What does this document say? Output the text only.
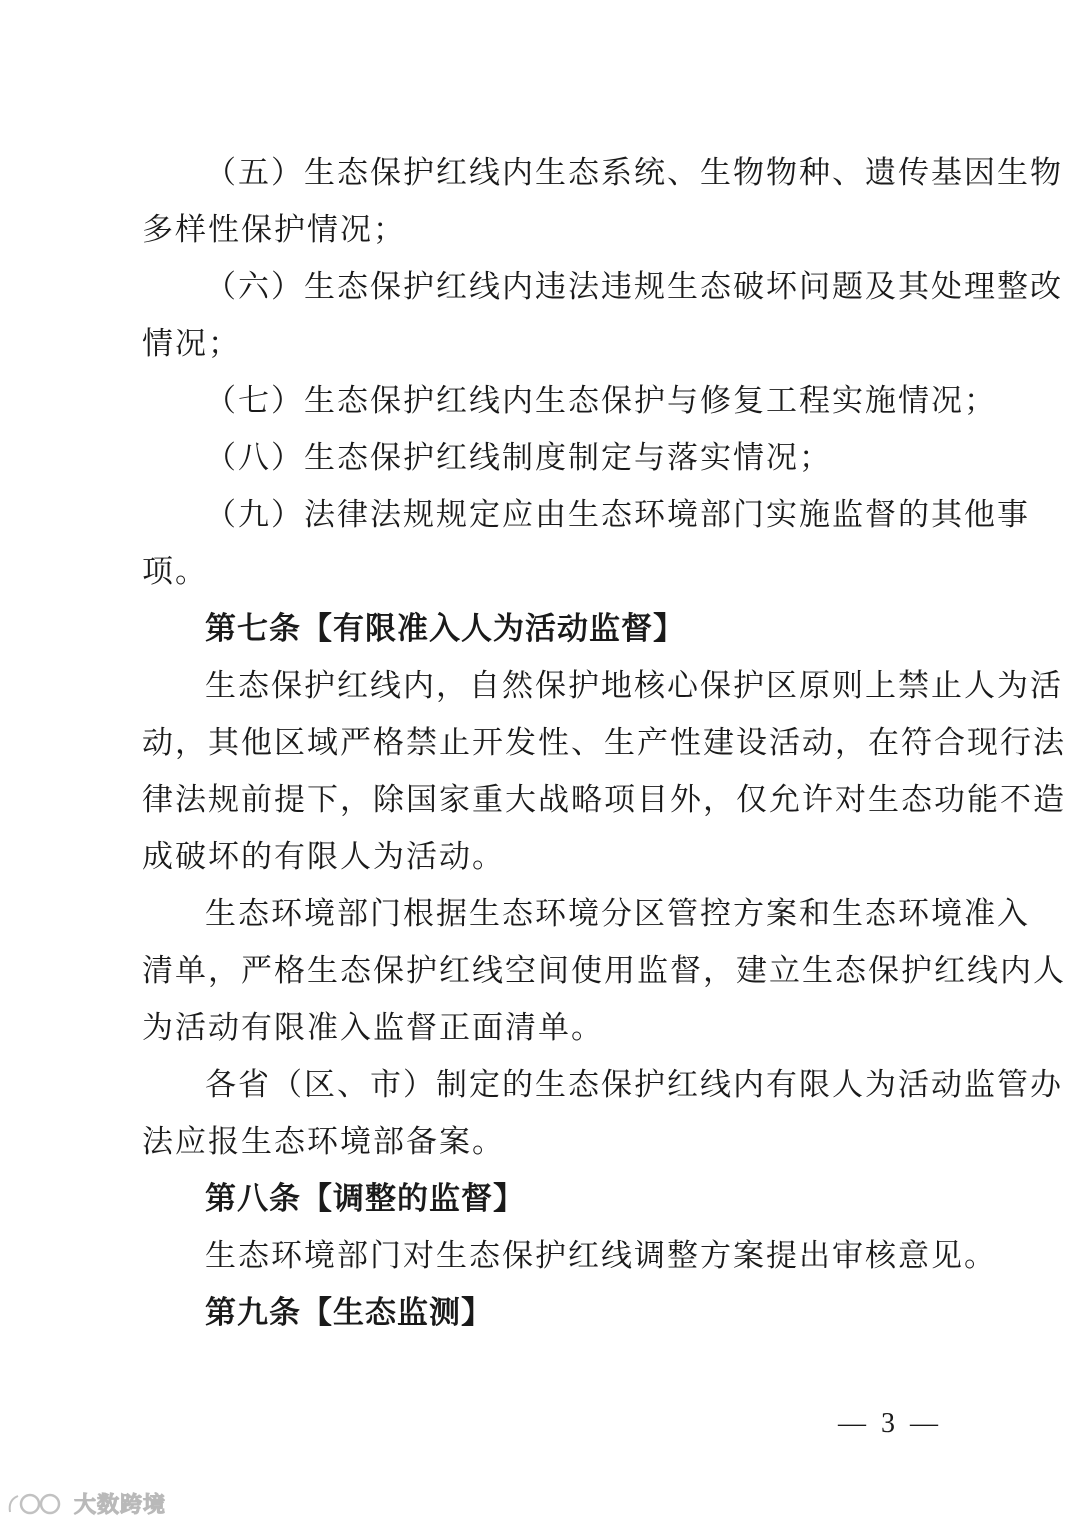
（五）生态保护红线内生态系统、生物物种、遗传基因生物
多样性保护情况；
（六）生态保护红线内违法违规生态破坏问题及其处理整改
情况；
（七）生态保护红线内生态保护与修复工程实施情况；
（八）生态保护红线制度制定与落实情况；
（九）法律法规规定应由生态环境部门实施监督的其他事
项。
第七条【有限准入人为活动监督】
生态保护红线内，自然保护地核心保护区原则上禁止人为活
动，其他区域严格禁止开发性、生产性建设活动，在符合现行法
律法规前提下，除国家重大战略项目外，仅允许对生态功能不造
成破坏的有限人为活动。
生态环境部门根据生态环境分区管控方案和生态环境准入
清单，严格生态保护红线空间使用监督，建立生态保护红线内人
为活动有限准入监督正面清单。
各省（区、市）制定的生态保护红线内有限人为活动监管办
法应报生态环境部备案。
第八条【调整的监督】
生态环境部门对生态保护红线调整方案提出审核意见。
第九条【生态监测】
— 3 —
大数跨境
